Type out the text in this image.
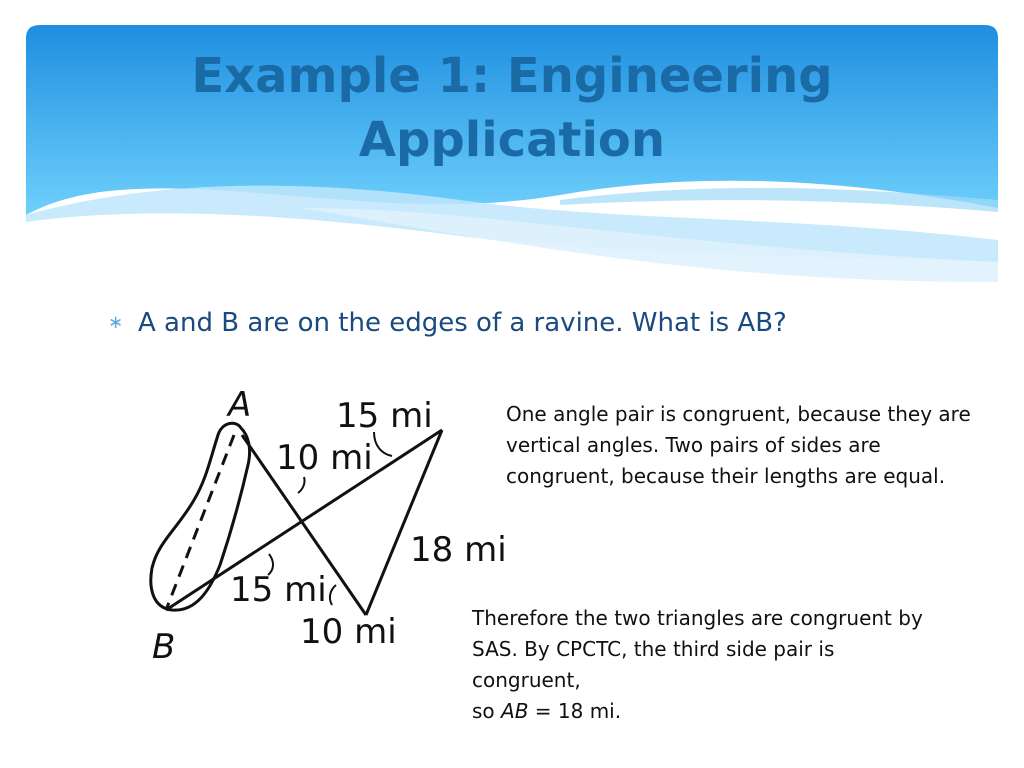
Example 1: Engineering
Application
∗ A and B are on the edges of a ravine. What is AB?
A
B
15 mi
10 mi
18 mi
15 mi
10 mi
One angle pair is congruent, because they are
vertical angles. Two pairs of sides are
congruent, because their lengths are equal.
Therefore the two triangles are congruent by
SAS. By CPCTC, the third side pair is
congruent,
so AB = 18 mi.
